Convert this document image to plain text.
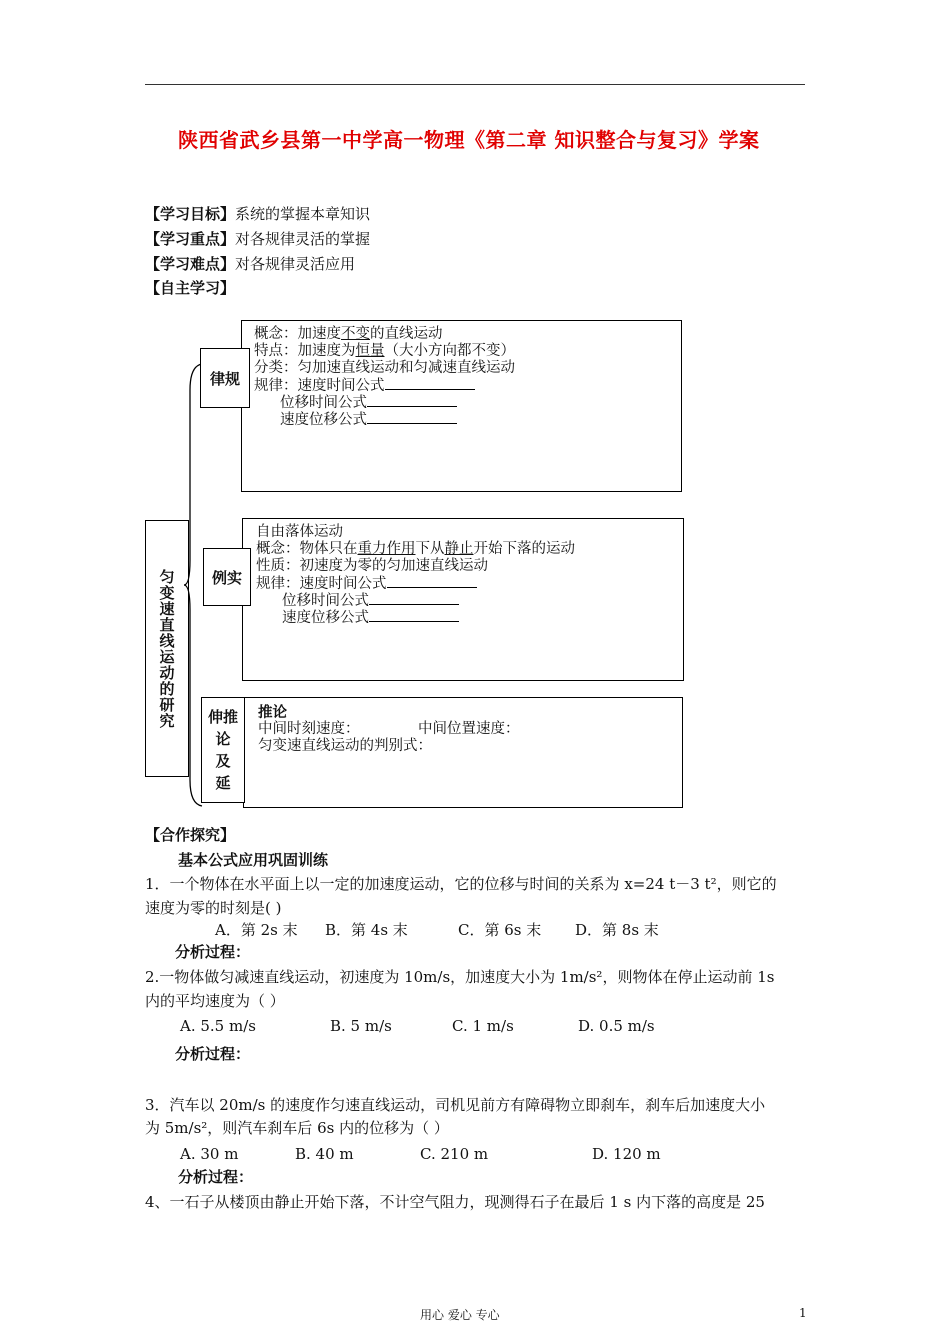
陕西省武乡县第一中学高一物理《第二章 知识整合与复习》学案
【学习目标】系统的掌握本章知识
【学习重点】对各规律灵活的掌握
【学习难点】对各规律灵活应用
【自主学习】
匀变速直线运动的研究
律规
概念：加速度不变的直线运动
特点：加速度为恒量（大小方向都不变）
分类：匀加速直线运动和匀减速直线运动
规律：速度时间公式
位移时间公式
速度位移公式
例实
自由落体运动
概念：物体只在重力作用下从静止开始下落的运动
性质：初速度为零的匀加速直线运动
规律：速度时间公式
位移时间公式
速度位移公式
伸推
论
及
延
推论
中间时刻速度：	中间位置速度：
匀变速直线运动的判别式：
【合作探究】
基本公式应用巩固训练
1．一个物体在水平面上以一定的加速度运动，它的位移与时间的关系为 x=24 t－3 t²，则它的
速度为零的时刻是( )
A．第 2s 末 B．第 4s 末	C．第 6s 末 D．第 8s 末
分析过程：
2.一物体做匀减速直线运动，初速度为 10m/s，加速度大小为 1m/s²，则物体在停止运动前 1s
内的平均速度为（ ）
A. 5.5 m/s	B. 5 m/s	C. 1 m/s	D. 0.5 m/s
分析过程：
3．汽车以 20m/s 的速度作匀速直线运动，司机见前方有障碍物立即刹车，刹车后加速度大小
为 5m/s²，则汽车刹车后 6s 内的位移为（ ）
A. 30 m	B. 40 m	C. 210 m	D. 120 m
分析过程：
4、一石子从楼顶由静止开始下落，不计空气阻力，现测得石子在最后 1 s 内下落的高度是 25
用心 爱心 专心	1
